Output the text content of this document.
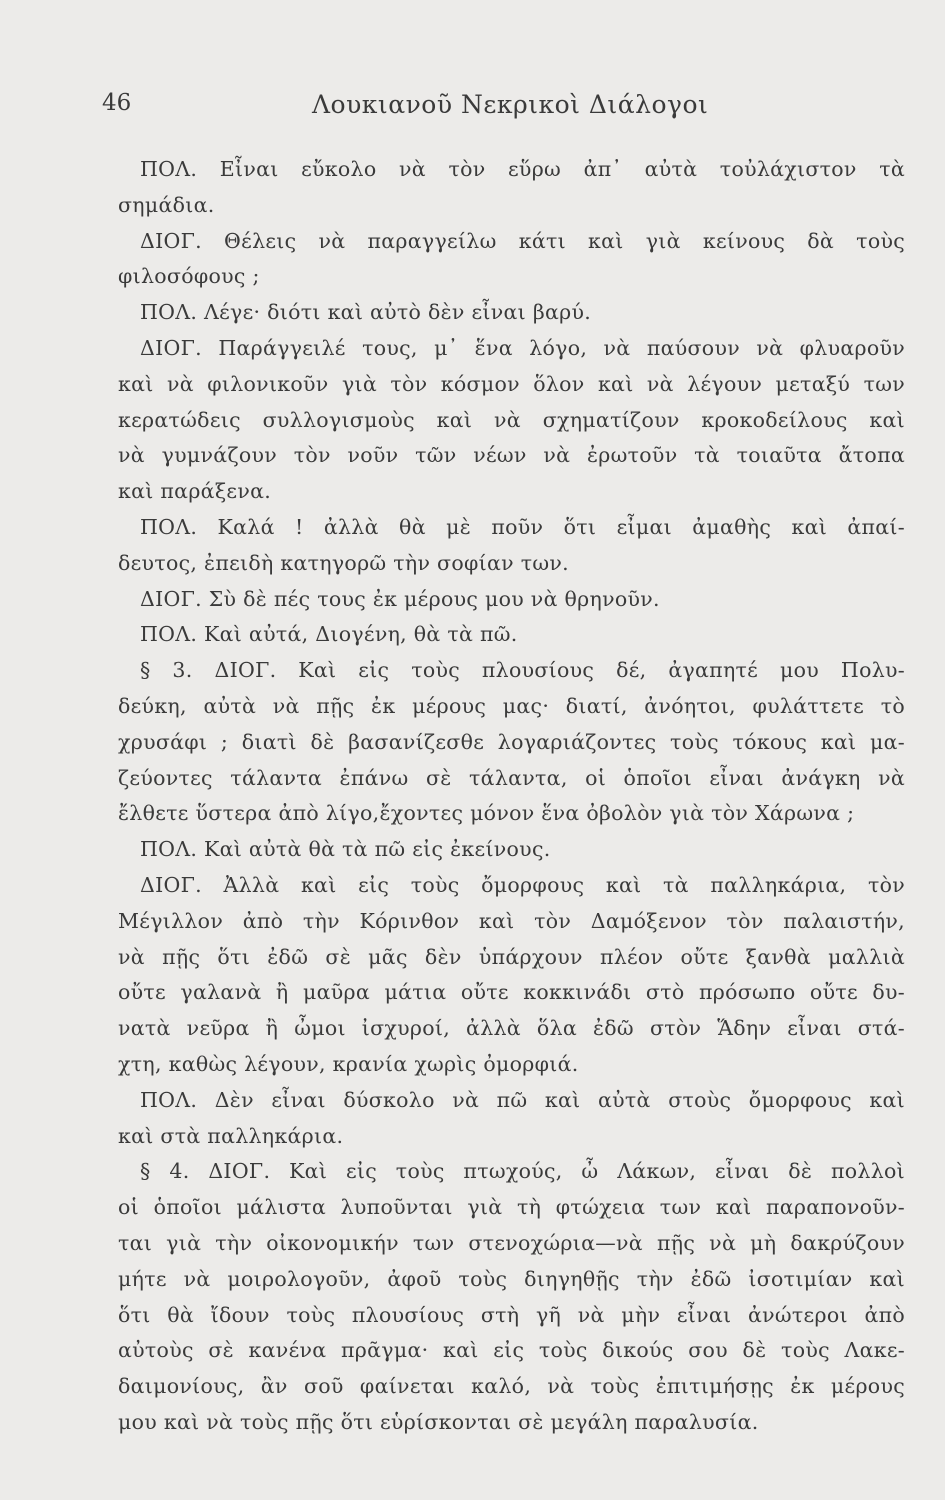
46	Λουκιανοῦ Νεκρικοὶ Διάλογοι
ΠΟΛ. Εἶναι εὔκολο νὰ τὸν εὕρω ἀπ᾽ αὐτὰ τοὐλάχιστον τὰ
σημάδια.
ΔΙΟΓ. Θέλεις νὰ παραγγείλω κάτι καὶ γιὰ κείνους δὰ τοὺς
φιλοσόφους ;
ΠΟΛ. Λέγε· διότι καὶ αὐτὸ δὲν εἶναι βαρύ.
ΔΙΟΓ. Παράγγειλέ τους, μ᾽ ἕνα λόγο, νὰ παύσουν νὰ φλυαροῦν
καὶ νὰ φιλονικοῦν γιὰ τὸν κόσμον ὅλον καὶ νὰ λέγουν μεταξύ των
κερατώδεις συλλογισμοὺς καὶ νὰ σχηματίζουν κροκοδείλους καὶ
νὰ γυμνάζουν τὸν νοῦν τῶν νέων νὰ ἐρωτοῦν τὰ τοιαῦτα ἄτοπα
καὶ παράξενα.
ΠΟΛ. Καλά ! ἀλλὰ θὰ μὲ ποῦν ὅτι εἶμαι ἀμαθὴς καὶ ἀπαί-
δευτος, ἐπειδὴ κατηγορῶ τὴν σοφίαν των.
ΔΙΟΓ. Σὺ δὲ πές τους ἐκ μέρους μου νὰ θρηνοῦν.
ΠΟΛ. Καὶ αὐτά, Διογένη, θὰ τὰ πῶ.
§ 3. ΔΙΟΓ. Καὶ εἰς τοὺς πλουσίους δέ, ἀγαπητέ μου Πολυ-
δεύκη, αὐτὰ νὰ πῇς ἐκ μέρους μας· διατί, ἀνόητοι, φυλάττετε τὸ
χρυσάφι ; διατὶ δὲ βασανίζεσθε λογαριάζοντες τοὺς τόκους καὶ μα-
ζεύοντες τάλαντα ἐπάνω σὲ τάλαντα, οἱ ὁποῖοι εἶναι ἀνάγκη νὰ
ἔλθετε ὕστερα ἀπὸ λίγο,ἔχοντες μόνον ἕνα ὀβολὸν γιὰ τὸν Χάρωνα ;
ΠΟΛ. Καὶ αὐτὰ θὰ τὰ πῶ εἰς ἐκείνους.
ΔΙΟΓ. Ἀλλὰ καὶ εἰς τοὺς ὄμορφους καὶ τὰ παλληκάρια, τὸν
Μέγιλλον ἀπὸ τὴν Κόρινθον καὶ τὸν Δαμόξενον τὸν παλαιστήν,
νὰ πῇς ὅτι ἐδῶ σὲ μᾶς δὲν ὑπάρχουν πλέον οὔτε ξανθὰ μαλλιὰ
οὔτε γαλανὰ ἢ μαῦρα μάτια οὔτε κοκκινάδι στὸ πρόσωπο οὔτε δυ-
νατὰ νεῦρα ἢ ὦμοι ἰσχυροί, ἀλλὰ ὅλα ἐδῶ στὸν Ἅδην εἶναι στά-
χτη, καθὼς λέγουν, κρανία χωρὶς ὀμορφιά.
ΠΟΛ. Δὲν εἶναι δύσκολο νὰ πῶ καὶ αὐτὰ στοὺς ὄμορφους καὶ
καὶ στὰ παλληκάρια.
§ 4. ΔΙΟΓ. Καὶ εἰς τοὺς πτωχούς, ὦ Λάκων, εἶναι δὲ πολλοὶ
οἱ ὁποῖοι μάλιστα λυποῦνται γιὰ τὴ φτώχεια των καὶ παραπονοῦν-
ται γιὰ τὴν οἰκονομικήν των στενοχώρια—νὰ πῇς νὰ μὴ δακρύζουν
μήτε νὰ μοιρολογοῦν, ἀφοῦ τοὺς διηγηθῇς τὴν ἐδῶ ἰσοτιμίαν καὶ
ὅτι θὰ ἴδουν τοὺς πλουσίους στὴ γῆ νὰ μὴν εἶναι ἀνώτεροι ἀπὸ
αὐτοὺς σὲ κανένα πρᾶγμα· καὶ εἰς τοὺς δικούς σου δὲ τοὺς Λακε-
δαιμονίους, ἂν σοῦ φαίνεται καλό, νὰ τοὺς ἐπιτιμήσῃς ἐκ μέρους
μου καὶ νὰ τοὺς πῇς ὅτι εὑρίσκονται σὲ μεγάλη παραλυσία.
